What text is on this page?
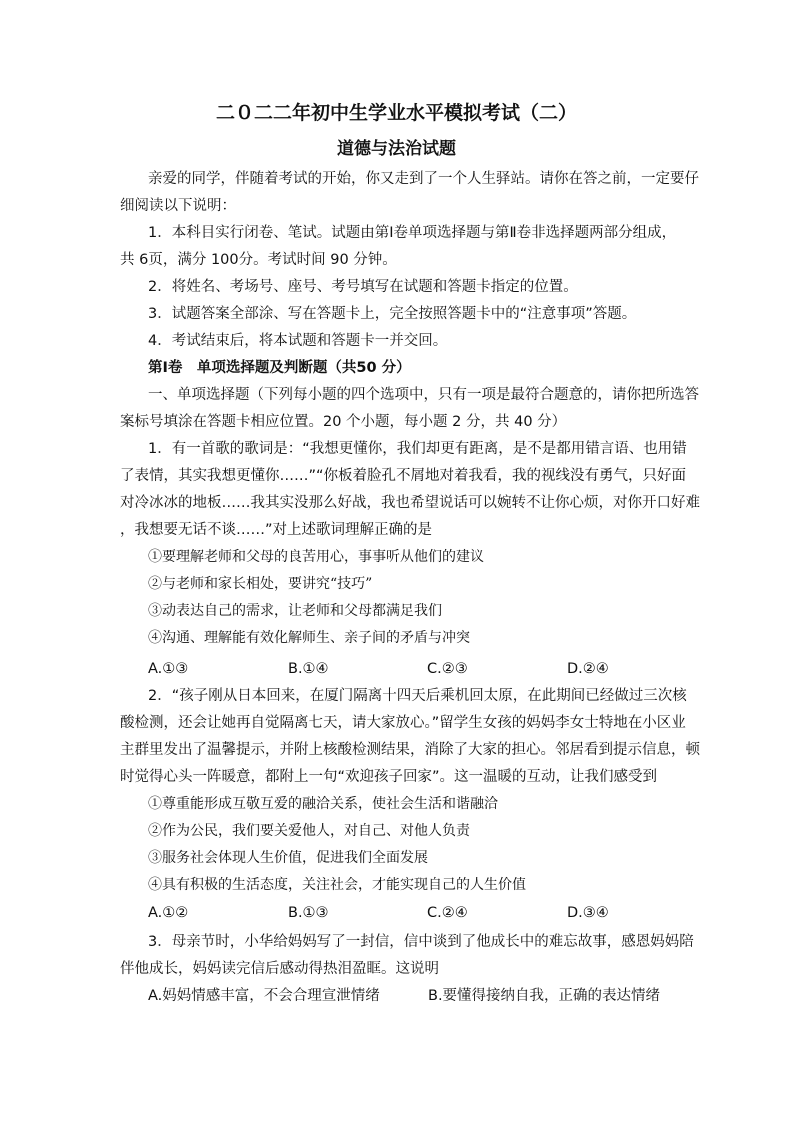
二０二二年初中生学业水平模拟考试（二）
道德与法治试题
亲爱的同学，伴随着考试的开始，你又走到了一个人生驿站。请你在答之前，一定要仔
细阅读以下说明：
1．本科目实行闭卷、笔试。试题由第Ⅰ卷单项选择题与第Ⅱ卷非选择题两部分组成，
共 6页，满分 100分。考试时间 90 分钟。
2．将姓名、考场号、座号、考号填写在试题和答题卡指定的位置。
3．试题答案全部涂、写在答题卡上，完全按照答题卡中的“注意事项”答题。
4．考试结束后，将本试题和答题卡一并交回。
第Ⅰ卷　单项选择题及判断题（共50 分）
一、单项选择题（下列每小题的四个选项中，只有一项是最符合题意的，请你把所选答
案标号填涂在答题卡相应位置。20 个小题，每小题 2 分，共 40 分）
1．有一首歌的歌词是：“我想更懂你，我们却更有距离，是不是都用错言语、也用错
了表情，其实我想更懂你……”“你板着脸孔不屑地对着我看，我的视线没有勇气，只好面
对冷冰冰的地板……我其实没那么好战，我也希望说话可以婉转不让你心烦，对你开口好难
，我想要无话不谈……”对上述歌词理解正确的是
①要理解老师和父母的良苦用心，事事听从他们的建议
②与老师和家长相处，要讲究“技巧”
③动表达自己的需求，让老师和父母都满足我们
④沟通、理解能有效化解师生、亲子间的矛盾与冲突
A.①③	B.①④	C.②③	D.②④
2．“孩子刚从日本回来，在厦门隔离十四天后乘机回太原，在此期间已经做过三次核
酸检测，还会让她再自觉隔离七天，请大家放心。”留学生女孩的妈妈李女士特地在小区业
主群里发出了温馨提示，并附上核酸检测结果，消除了大家的担心。邻居看到提示信息，顿
时觉得心头一阵暖意，都附上一句“欢迎孩子回家”。这一温暖的互动，让我们感受到
①尊重能形成互敬互爱的融洽关系，使社会生活和谐融洽
②作为公民，我们要关爱他人，对自己、对他人负责
③服务社会体现人生价值，促进我们全面发展
④具有积极的生活态度，关注社会，才能实现自己的人生价值
A.①②	B.①③	C.②④	D.③④
3．母亲节时，小华给妈妈写了一封信，信中谈到了他成长中的难忘故事，感恩妈妈陪
伴他成长，妈妈读完信后感动得热泪盈眶。这说明
A.妈妈情感丰富，不会合理宣泄情绪	B.要懂得接纳自我，正确的表达情绪
